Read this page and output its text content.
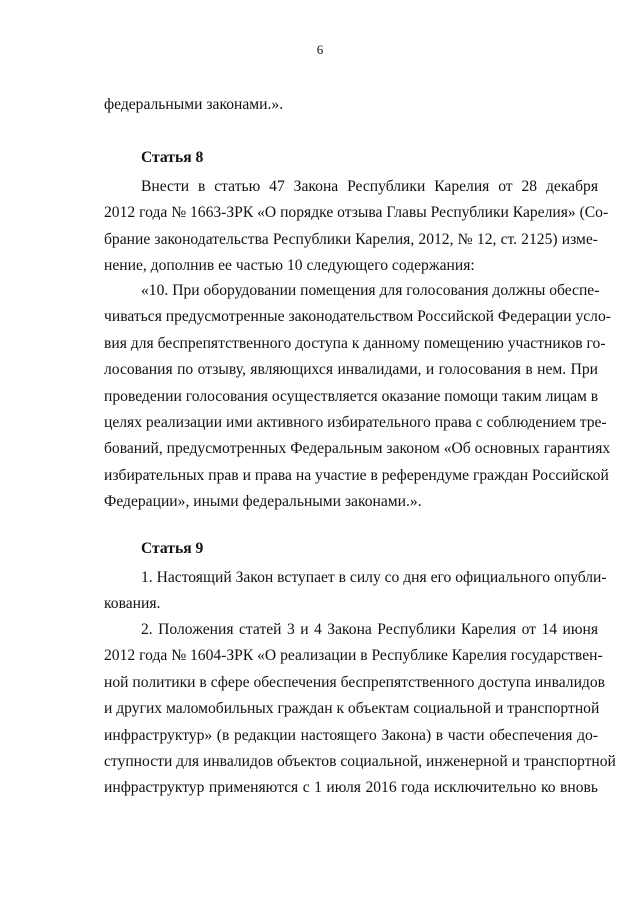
6
федеральными законами.».
Статья 8
Внести в статью 47 Закона Республики Карелия от 28 декабря
2012 года № 1663-ЗРК «О порядке отзыва Главы Республики Карелия» (Со-
брание законодательства Республики Карелия, 2012, № 12, ст. 2125) изме-
нение, дополнив ее частью 10 следующего содержания:
«10. При оборудовании помещения для голосования должны обеспе-
чиваться предусмотренные законодательством Российской Федерации усло-
вия для беспрепятственного доступа к данному помещению участников го-
лосования по отзыву, являющихся инвалидами, и голосования в нем. При
проведении голосования осуществляется оказание помощи таким лицам в
целях реализации ими активного избирательного права с соблюдением тре-
бований, предусмотренных Федеральным законом «Об основных гарантиях
избирательных прав и права на участие в референдуме граждан Российской
Федерации», иными федеральными законами.».
Статья 9
1. Настоящий Закон вступает в силу со дня его официального опубли-
кования.
2. Положения статей 3 и 4 Закона Республики Карелия от 14 июня
2012 года № 1604-ЗРК «О реализации в Республике Карелия государствен-
ной политики в сфере обеспечения беспрепятственного доступа инвалидов
и других маломобильных граждан к объектам социальной и транспортной
инфраструктур» (в редакции настоящего Закона) в части обеспечения до-
ступности для инвалидов объектов социальной, инженерной и транспортной
инфраструктур применяются с 1 июля 2016 года исключительно ко вновь
